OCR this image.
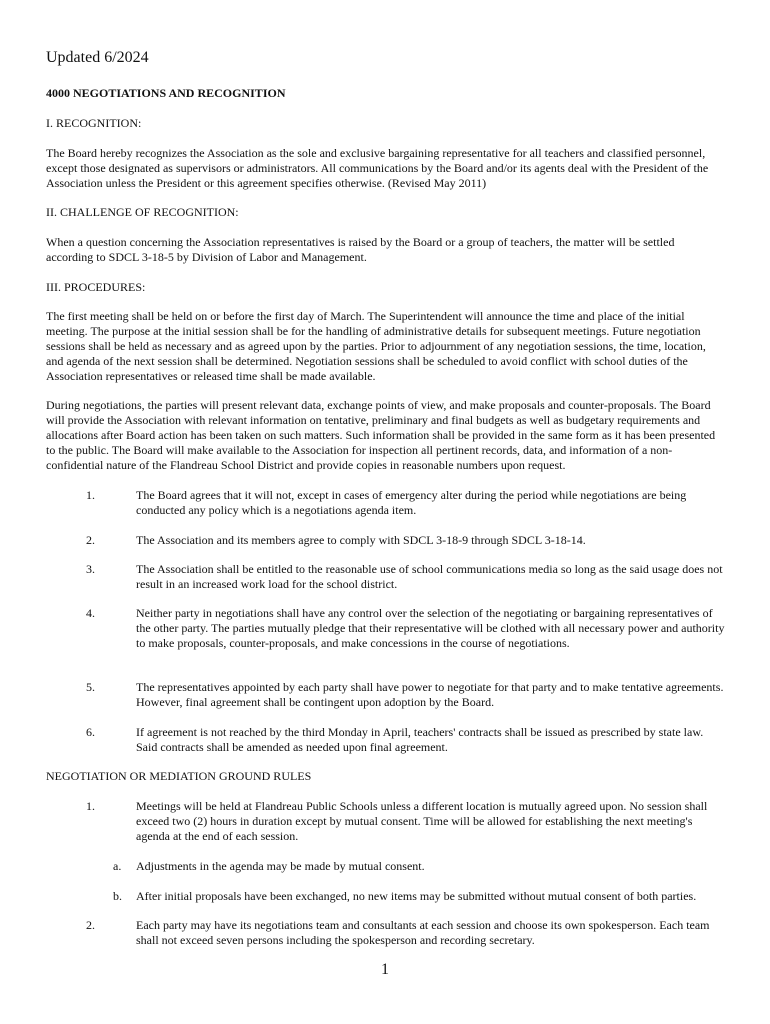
Updated 6/2024
4000 NEGOTIATIONS AND RECOGNITION
I. RECOGNITION:
The Board hereby recognizes the Association as the sole and exclusive bargaining representative for all teachers and classified personnel, except those designated as supervisors or administrators. All communications by the Board and/or its agents deal with the President of the Association unless the President or this agreement specifies otherwise. (Revised May 2011)
II. CHALLENGE OF RECOGNITION:
When a question concerning the Association representatives is raised by the Board or a group of teachers, the matter will be settled according to SDCL 3-18-5 by Division of Labor and Management.
III. PROCEDURES:
The first meeting shall be held on or before the first day of March. The Superintendent will announce the time and place of the initial meeting. The purpose at the initial session shall be for the handling of administrative details for subsequent meetings. Future negotiation sessions shall be held as necessary and as agreed upon by the parties. Prior to adjournment of any negotiation sessions, the time, location, and agenda of the next session shall be determined. Negotiation sessions shall be scheduled to avoid conflict with school duties of the Association representatives or released time shall be made available.
During negotiations, the parties will present relevant data, exchange points of view, and make proposals and counter-proposals. The Board will provide the Association with relevant information on tentative, preliminary and final budgets as well as budgetary requirements and allocations after Board action has been taken on such matters. Such information shall be provided in the same form as it has been presented to the public. The Board will make available to the Association for inspection all pertinent records, data, and information of a non-confidential nature of the Flandreau School District and provide copies in reasonable numbers upon request.
1.	The Board agrees that it will not, except in cases of emergency alter during the period while negotiations are being conducted any policy which is a negotiations agenda item.
2.	The Association and its members agree to comply with SDCL 3-18-9 through SDCL 3-18-14.
3.	The Association shall be entitled to the reasonable use of school communications media so long as the said usage does not result in an increased work load for the school district.
4.	Neither party in negotiations shall have any control over the selection of the negotiating or bargaining representatives of the other party. The parties mutually pledge that their representative will be clothed with all necessary power and authority to make proposals, counter-proposals, and make concessions in the course of negotiations.
5.	The representatives appointed by each party shall have power to negotiate for that party and to make tentative agreements. However, final agreement shall be contingent upon adoption by the Board.
6.	If agreement is not reached by the third Monday in April, teachers' contracts shall be issued as prescribed by state law. Said contracts shall be amended as needed upon final agreement.
NEGOTIATION OR MEDIATION GROUND RULES
1.	Meetings will be held at Flandreau Public Schools unless a different location is mutually agreed upon. No session shall exceed two (2) hours in duration except by mutual consent. Time will be allowed for establishing the next meeting's agenda at the end of each session.
a.	Adjustments in the agenda may be made by mutual consent.
b.	After initial proposals have been exchanged, no new items may be submitted without mutual consent of both parties.
2.	Each party may have its negotiations team and consultants at each session and choose its own spokesperson. Each team shall not exceed seven persons including the spokesperson and recording secretary.
1
